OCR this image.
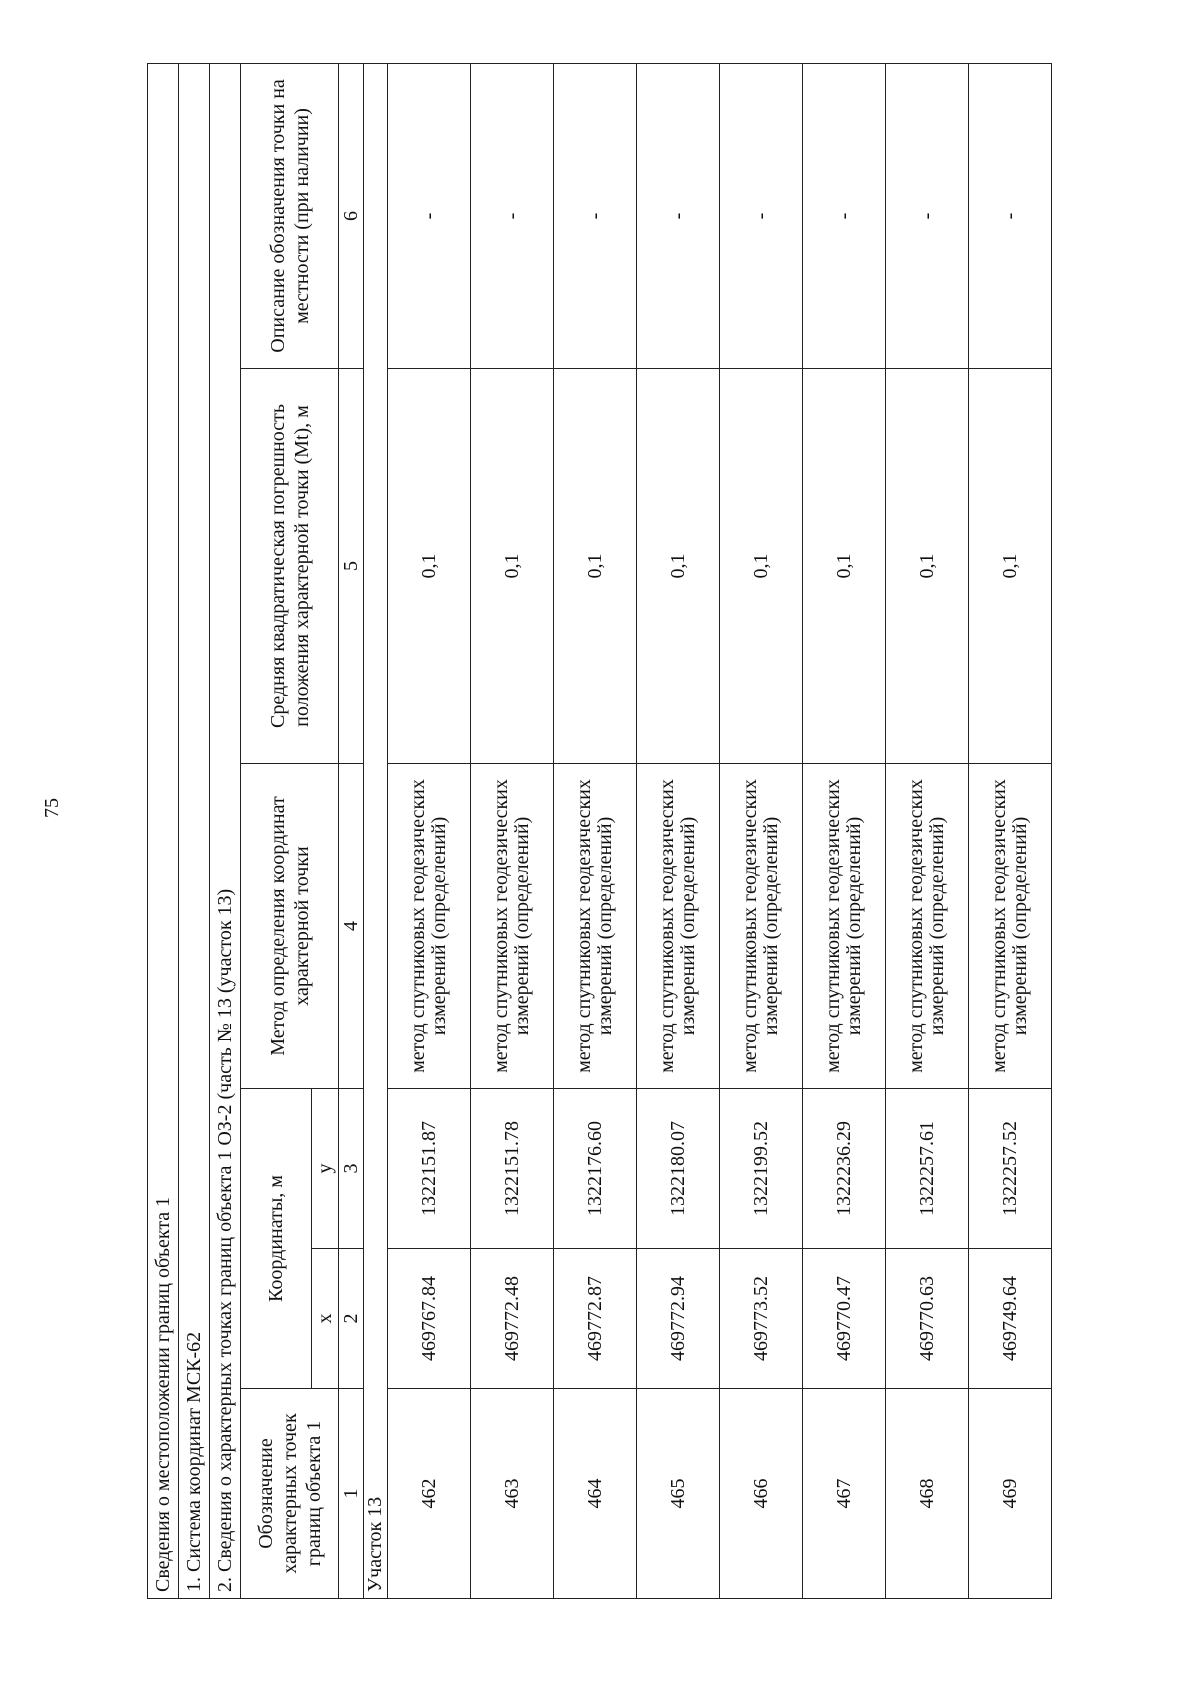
75
Сведения о местоположении границ объекта 1					
1. Система координат МСК-62					
2. Сведения о характерных точках границ объекта 1 ОЗ-2 (часть № 13 (участок 13)					
Обозначение характерных точек границ объекта 1	Координаты, м		Метод определения координат характерной точки	Средняя квадратическая погрешность положения характерной точки (Mt), м	Описание обозначения точки на местности (при наличии)
	x	y			
1	2	3	4	5	6
Участок 13					
462	469767.84	1322151.87	метод спутниковых геодезических измерений (определений)	0,1	-
463	469772.48	1322151.78	метод спутниковых геодезических измерений (определений)	0,1	-
464	469772.87	1322176.60	метод спутниковых геодезических измерений (определений)	0,1	-
465	469772.94	1322180.07	метод спутниковых геодезических измерений (определений)	0,1	-
466	469773.52	1322199.52	метод спутниковых геодезических измерений (определений)	0,1	-
467	469770.47	1322236.29	метод спутниковых геодезических измерений (определений)	0,1	-
468	469770.63	1322257.61	метод спутниковых геодезических измерений (определений)	0,1	-
469	469749.64	1322257.52	метод спутниковых геодезических измерений (определений)	0,1	-
